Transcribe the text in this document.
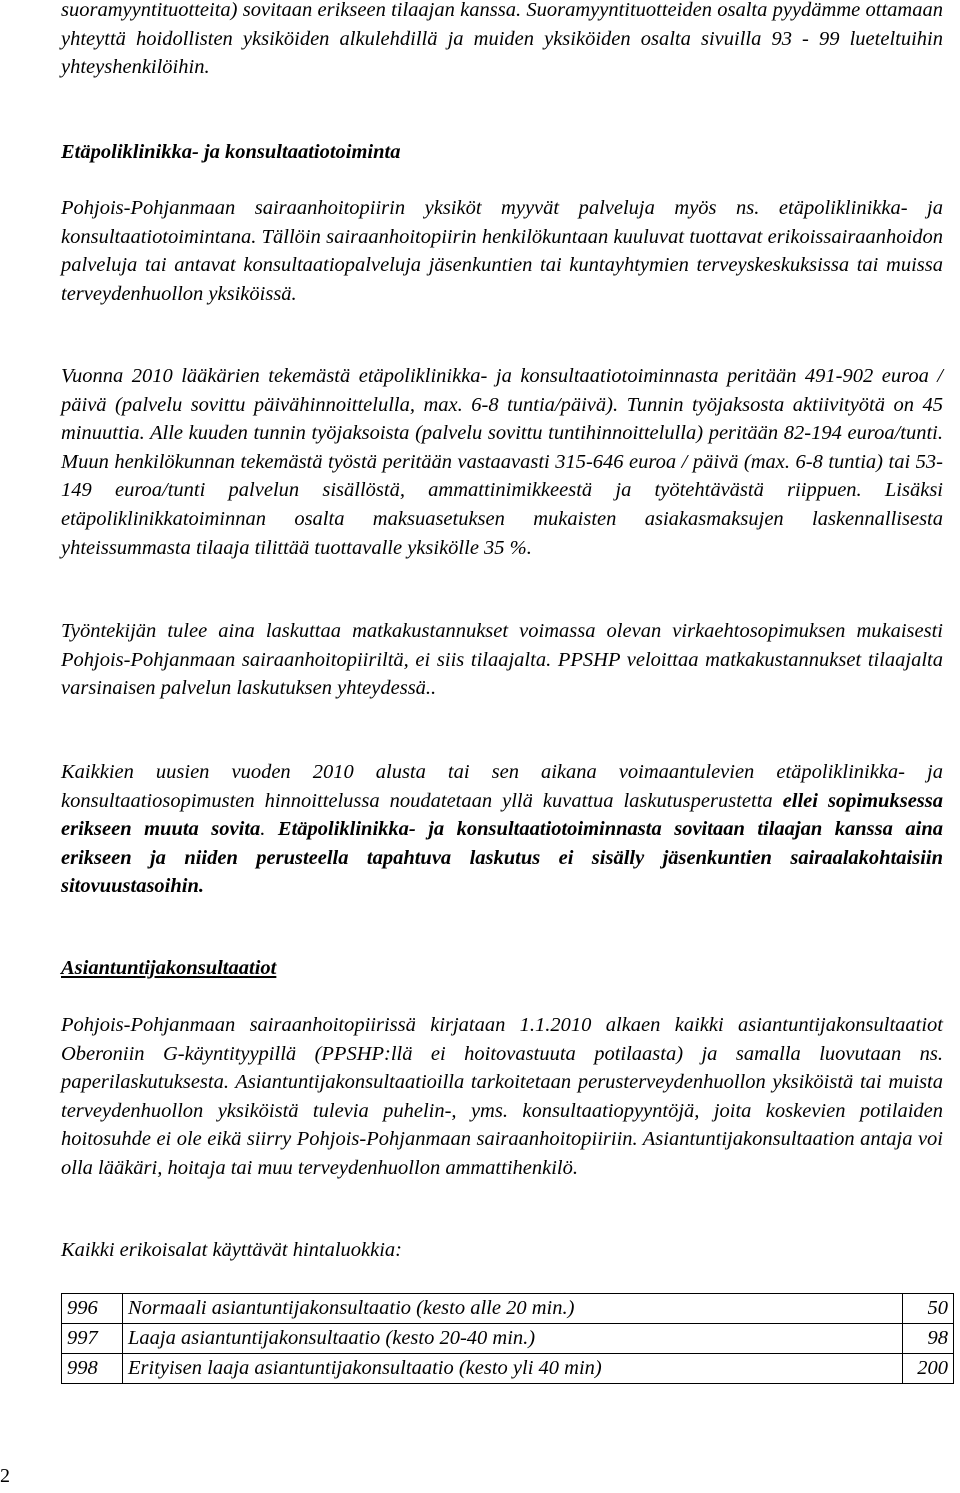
suoramyyntituotteita) sovitaan erikseen tilaajan kanssa. Suoramyyntituotteiden osalta pyydämme ottamaan yhteyttä hoidollisten yksiköiden alkulehdillä ja muiden yksiköiden osalta sivuilla 93 - 99 lueteltuihin yhteyshenkilöihin.

Etäpoliklinikka- ja konsultaatiotoiminta

Pohjois-Pohjanmaan sairaanhoitopiirin yksiköt myyvät palveluja myös ns. etäpoliklinikka- ja konsultaatiotoimintana. Tällöin sairaanhoitopiirin henkilökuntaan kuuluvat tuottavat erikoissairaanhoidon palveluja tai antavat konsultaatiopalveluja jäsenkuntien tai kuntayhtymien terveyskeskuksissa tai muissa terveydenhuollon yksiköissä.

Vuonna 2010 lääkärien tekemästä etäpoliklinikka- ja konsultaatiotoiminnasta peritään 491-902 euroa / päivä (palvelu sovittu päivähinnoittelulla, max. 6-8 tuntia/päivä). Tunnin työjaksosta aktiivityötä on 45 minuuttia. Alle kuuden tunnin työjaksoista (palvelu sovittu tuntihinnoittelulla) peritään 82-194 euroa/tunti. Muun henkilökunnan tekemästä työstä peritään vastaavasti 315-646 euroa / päivä (max. 6-8 tuntia) tai 53-149 euroa/tunti palvelun sisällöstä, ammattinimikkeestä ja työtehtävästä riippuen. Lisäksi etäpoliklinikkatoiminnan osalta maksuasetuksen mukaisten asiakasmaksujen laskennallisesta yhteissummasta tilaaja tilittää tuottavalle yksikölle 35 %.

Työntekijän tulee aina laskuttaa matkakustannukset voimassa olevan virkaehtosopimuksen mukaisesti Pohjois-Pohjanmaan sairaanhoitopiiriltä, ei siis tilaajalta. PPSHP veloittaa matkakustannukset tilaajalta varsinaisen palvelun laskutuksen yhteydessä..

Kaikkien uusien vuoden 2010 alusta tai sen aikana voimaantulevien etäpoliklinikka- ja konsultaatiosopimusten hinnoittelussa noudatetaan yllä kuvattua laskutusperustetta ellei sopimuksessa erikseen muuta sovita. Etäpoliklinikka- ja konsultaatiotoiminnasta sovitaan tilaajan kanssa aina erikseen ja niiden perusteella tapahtuva laskutus ei sisälly jäsenkuntien sairaalakohtaisiin sitovuustasoihin.

Asiantuntijakonsultaatiot

Pohjois-Pohjanmaan sairaanhoitopiirissä kirjataan 1.1.2010 alkaen kaikki asiantuntijakonsultaatiot Oberoniin G-käyntityypillä (PPSHP:llä ei hoitovastuuta potilaasta) ja samalla luovutaan ns. paperilaskutuksesta. Asiantuntijakonsultaatioilla tarkoitetaan perusterveydenhuollon yksiköistä tai muista terveydenhuollon yksiköistä tulevia puhelin-, yms. konsultaatiopyyntöjä, joita koskevien potilaiden hoitosuhde ei ole eikä siirry Pohjois-Pohjanmaan sairaanhoitopiiriin. Asiantuntijakonsultaation antaja voi olla lääkäri, hoitaja tai muu terveydenhuollon ammattihenkilö.

Kaikki erikoisalat käyttävät hintaluokkia:

996	Normaali asiantuntijakonsultaatio (kesto alle 20 min.)	50
997	Laaja asiantuntijakonsultaatio (kesto 20-40 min.)	98
998	Erityisen laaja asiantuntijakonsultaatio (kesto yli 40 min)	200
2
